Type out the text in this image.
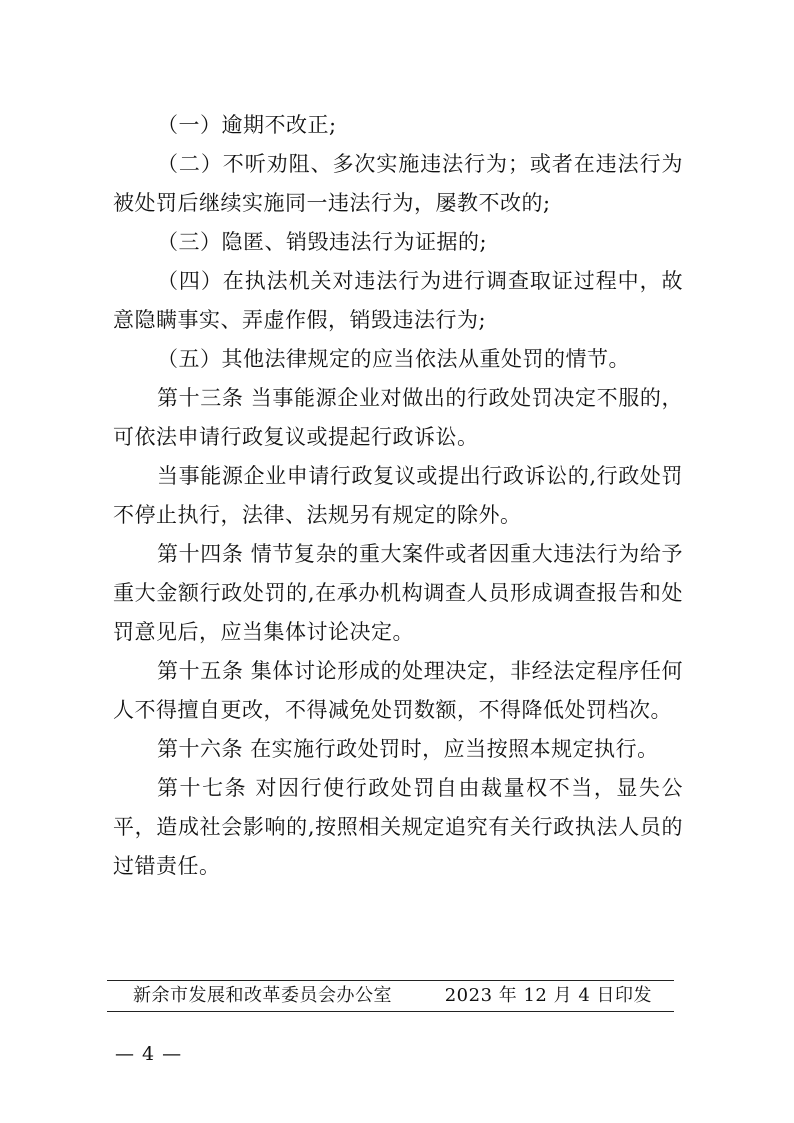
（一）逾期不改正;

（二）不听劝阻、多次实施违法行为；或者在违法行为被处罚后继续实施同一违法行为，屡教不改的;

（三）隐匿、销毁违法行为证据的;

（四）在执法机关对违法行为进行调查取证过程中，故意隐瞒事实、弄虚作假，销毁违法行为;

（五）其他法律规定的应当依法从重处罚的情节。

第十三条 当事能源企业对做出的行政处罚决定不服的，可依法申请行政复议或提起行政诉讼。

当事能源企业申请行政复议或提出行政诉讼的,行政处罚不停止执行，法律、法规另有规定的除外。

第十四条 情节复杂的重大案件或者因重大违法行为给予重大金额行政处罚的,在承办机构调查人员形成调查报告和处罚意见后，应当集体讨论决定。

第十五条 集体讨论形成的处理决定，非经法定程序任何人不得擅自更改，不得减免处罚数额，不得降低处罚档次。

第十六条 在实施行政处罚时，应当按照本规定执行。

第十七条 对因行使行政处罚自由裁量权不当，显失公平，造成社会影响的,按照相关规定追究有关行政执法人员的过错责任。

新余市发展和改革委员会办公室	2023 年 12 月 4 日印发
— 4 —
